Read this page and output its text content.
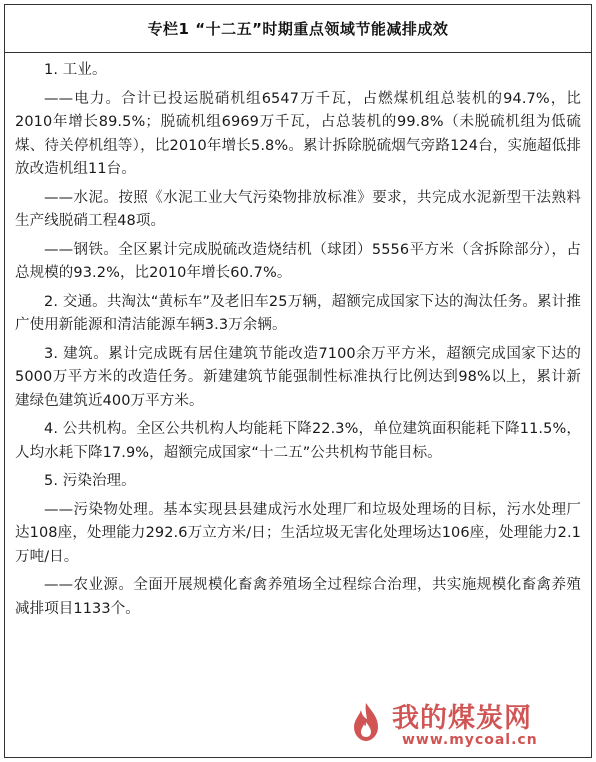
专栏1 “十二五”时期重点领域节能减排成效

1. 工业。

——电力。合计已投运脱硝机组6547万千瓦，占燃煤机组总装机的94.7%，比2010年增长89.5%；脱硫机组6969万千瓦，占总装机的99.8%（未脱硫机组为低硫煤、待关停机组等），比2010年增长5.8%。累计拆除脱硫烟气旁路124台，实施超低排放改造机组11台。

——水泥。按照《水泥工业大气污染物排放标准》要求，共完成水泥新型干法熟料生产线脱硝工程48项。

——钢铁。全区累计完成脱硫改造烧结机（球团）5556平方米（含拆除部分），占总规模的93.2%，比2010年增长60.7%。

2. 交通。共淘汰“黄标车”及老旧车25万辆，超额完成国家下达的淘汰任务。累计推广使用新能源和清洁能源车辆3.3万余辆。

3. 建筑。累计完成既有居住建筑节能改造7100余万平方米，超额完成国家下达的5000万平方米的改造任务。新建建筑节能强制性标准执行比例达到98%以上，累计新建绿色建筑近400万平方米。

4. 公共机构。全区公共机构人均能耗下降22.3%，单位建筑面积能耗下降11.5%，人均水耗下降17.9%，超额完成国家“十二五”公共机构节能目标。

5. 污染治理。

——污染物处理。基本实现县县建成污水处理厂和垃圾处理场的目标，污水处理厂达108座，处理能力292.6万立方米/日；生活垃圾无害化处理场达106座，处理能力2.1万吨/日。

——农业源。全面开展规模化畜禽养殖场全过程综合治理，共实施规模化畜禽养殖减排项目1133个。

我的煤炭网
www.mycoal.cn
